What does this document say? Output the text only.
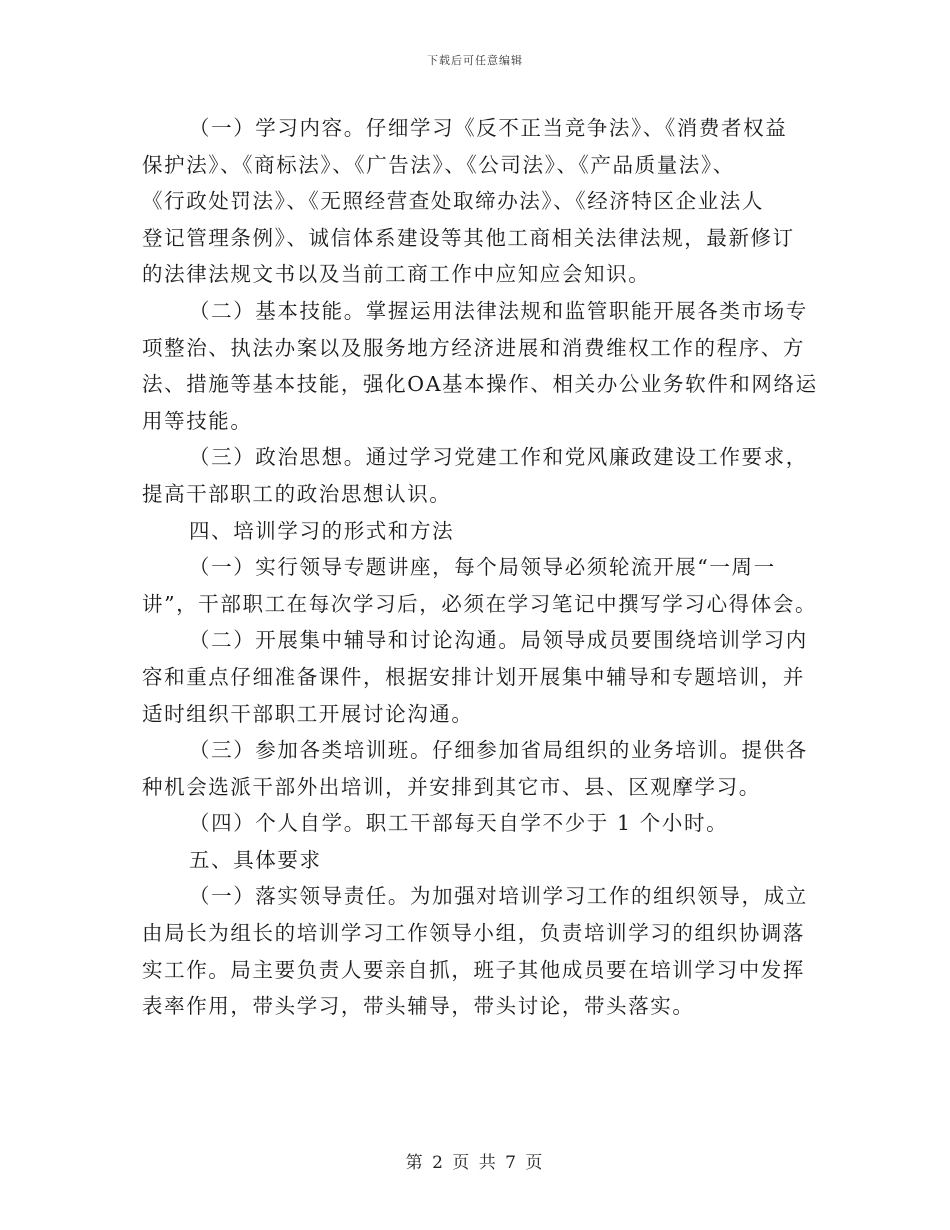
下载后可任意编辑

（一）学习内容。仔细学习《反不正当竞争法》、《消费者权益
保护法》、《商标法》、《广告法》、《公司法》、《产品质量法》、
《行政处罚法》、《无照经营查处取缔办法》、《经济特区企业法人
登记管理条例》、诚信体系建设等其他工商相关法律法规，最新修订
的法律法规文书以及当前工商工作中应知应会知识。

（二）基本技能。掌握运用法律法规和监管职能开展各类市场专
项整治、执法办案以及服务地方经济进展和消费维权工作的程序、方
法、措施等基本技能，强化OA基本操作、相关办公业务软件和网络运
用等技能。

（三）政治思想。通过学习党建工作和党风廉政建设工作要求，
提高干部职工的政治思想认识。

四、培训学习的形式和方法

（一）实行领导专题讲座，每个局领导必须轮流开展“一周一
讲”，干部职工在每次学习后，必须在学习笔记中撰写学习心得体会。

（二）开展集中辅导和讨论沟通。局领导成员要围绕培训学习内
容和重点仔细准备课件，根据安排计划开展集中辅导和专题培训，并
适时组织干部职工开展讨论沟通。

（三）参加各类培训班。仔细参加省局组织的业务培训。提供各
种机会选派干部外出培训，并安排到其它市、县、区观摩学习。

（四）个人自学。职工干部每天自学不少于 1 个小时。

五、具体要求

（一）落实领导责任。为加强对培训学习工作的组织领导，成立
由局长为组长的培训学习工作领导小组，负责培训学习的组织协调落
实工作。局主要负责人要亲自抓，班子其他成员要在培训学习中发挥
表率作用，带头学习，带头辅导，带头讨论，带头落实。

第 2 页 共 7 页
